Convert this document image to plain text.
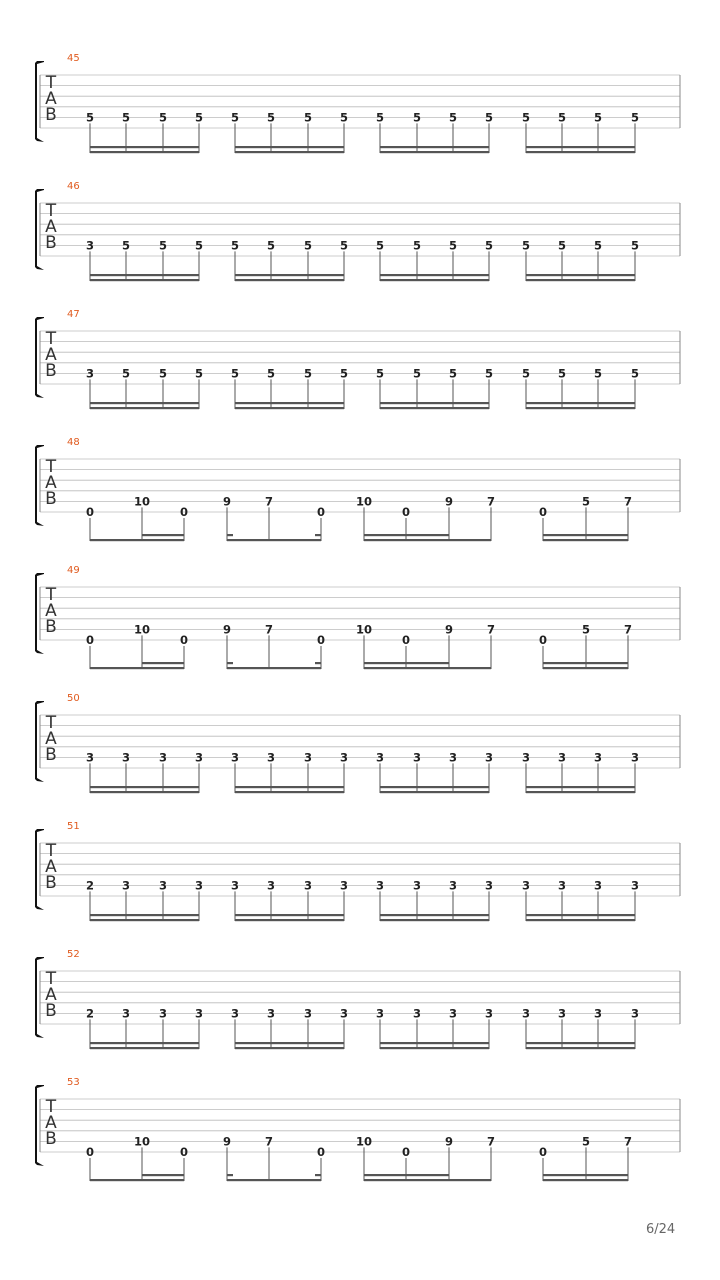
45
T
A
B	5 5	5 5 5 5	5 5 5	5 5 5	5 5 5	5
46
T
A
B	3 5	5 5 5 5	5 5 5	5 5 5	5 5 5	5
47
T
A
B	3 5	5 5 5 5	5 5 5	5 5 5	5 5 5	5
48
T
A
B
0
10
0
9	7
0
10
0
9	7
0
5	7
49
T
A
B
0
10
0
9	7
0
10
0
9	7
0
5	7
50
T
A
B	3 3	3 3 3 3	3 3 3	3 3 3	3 3 3	3
51
T
A
B	2 3	3 3 3 3	3 3 3	3 3 3	3 3 3	3
52
T
A
B	2 3	3 3 3 3	3 3 3	3 3 3	3 3 3	3
53
T
A
B
0
10
0
9	7
0
10
0
9	7
0
5	7
6/24
